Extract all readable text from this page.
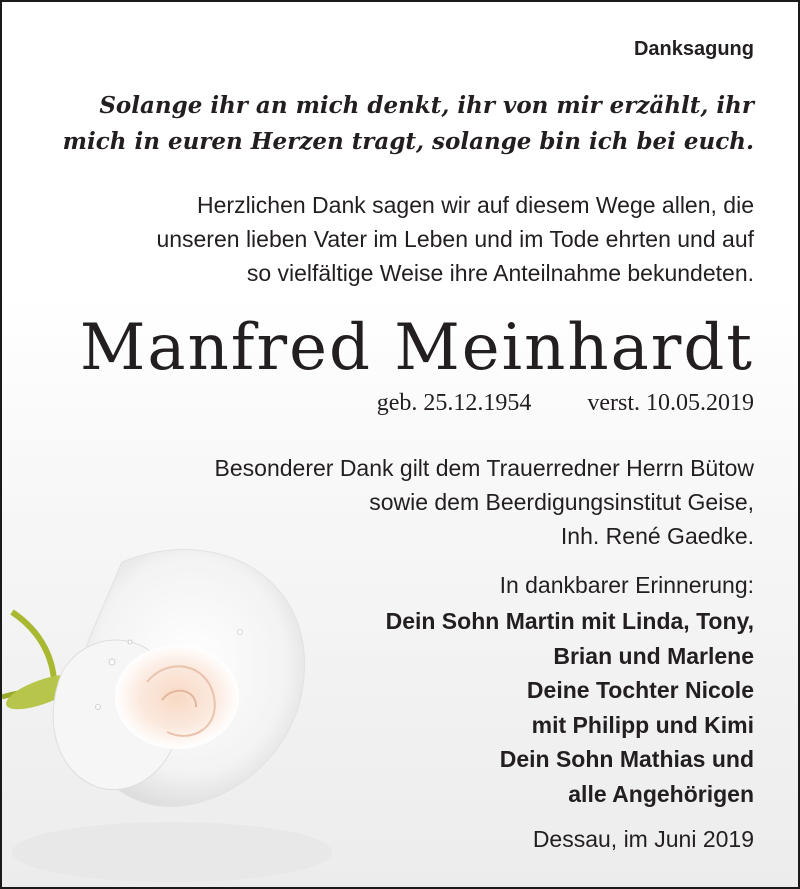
Danksagung
Solange ihr an mich denkt, ihr von mir erzählt, ihr
mich in euren Herzen tragt, solange bin ich bei euch.
Herzlichen Dank sagen wir auf diesem Wege allen, die
unseren lieben Vater im Leben und im Tode ehrten und auf
so vielfältige Weise ihre Anteilnahme bekundeten.
Manfred Meinhardt
geb. 25.12.1954 verst. 10.05.2019
Besonderer Dank gilt dem Trauerredner Herrn Bütow
sowie dem Beerdigungsinstitut Geise,
Inh. René Gaedke.
In dankbarer Erinnerung:
Dein Sohn Martin mit Linda, Tony,
Brian und Marlene
Deine Tochter Nicole
mit Philipp und Kimi
Dein Sohn Mathias und
alle Angehörigen
Dessau, im Juni 2019
